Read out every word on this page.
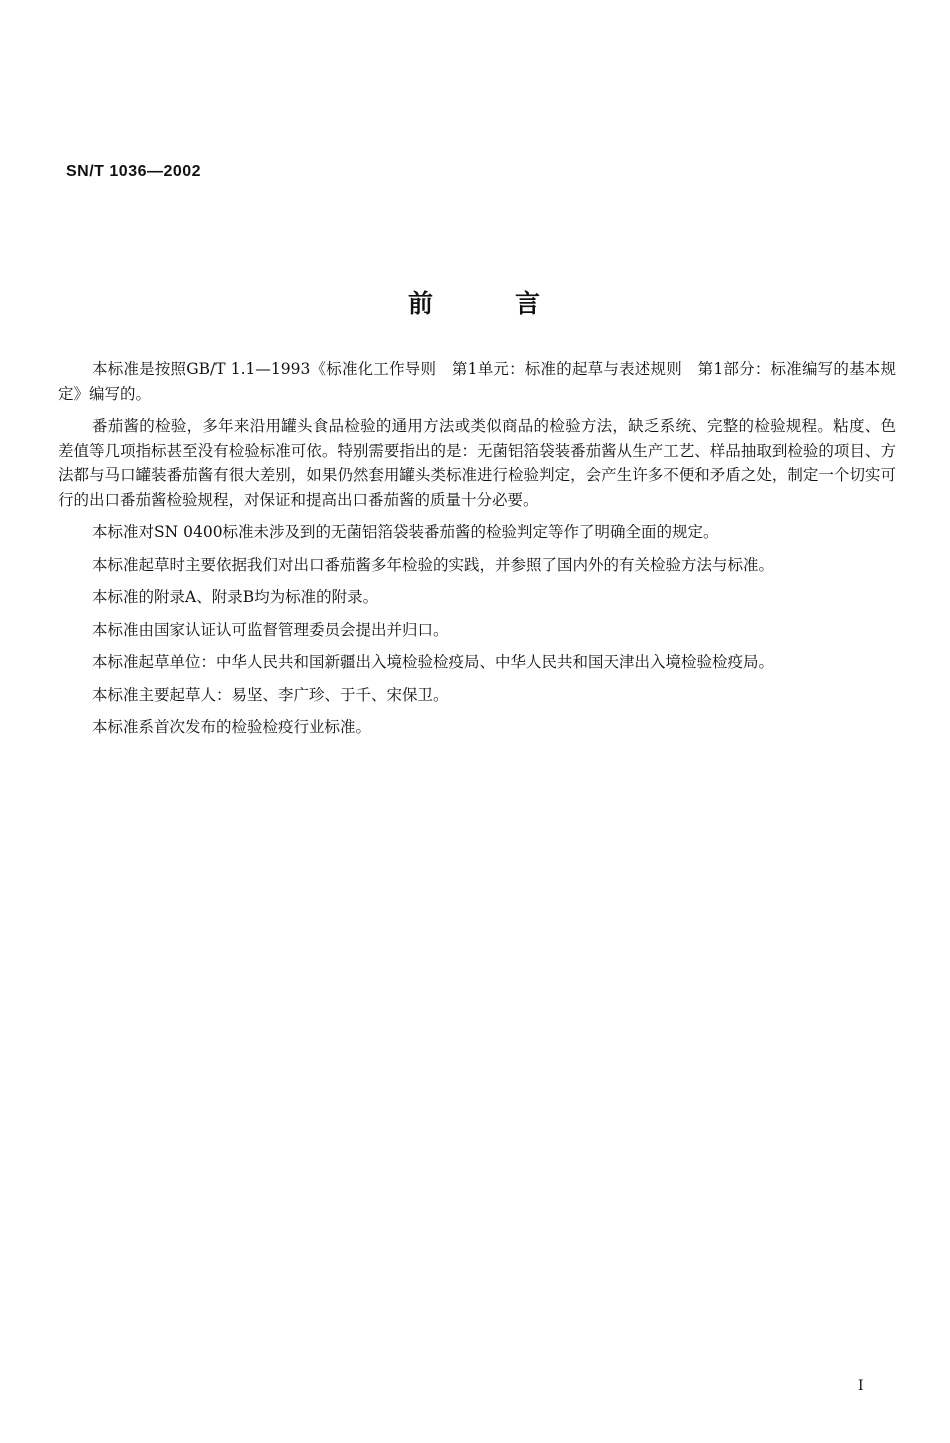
SN/T 1036—2002
前	言

本标准是按照GB/T 1.1—1993《标准化工作导则　第1单元：标准的起草与表述规则　第1部分：标准编写的基本规定》编写的。

番茄酱的检验，多年来沿用罐头食品检验的通用方法或类似商品的检验方法，缺乏系统、完整的检验规程。粘度、色差值等几项指标甚至没有检验标准可依。特别需要指出的是：无菌铝箔袋装番茄酱从生产工艺、样品抽取到检验的项目、方法都与马口罐装番茄酱有很大差别，如果仍然套用罐头类标准进行检验判定，会产生许多不便和矛盾之处，制定一个切实可行的出口番茄酱检验规程，对保证和提高出口番茄酱的质量十分必要。

本标准对SN 0400标准未涉及到的无菌铝箔袋装番茄酱的检验判定等作了明确全面的规定。

本标准起草时主要依据我们对出口番茄酱多年检验的实践，并参照了国内外的有关检验方法与标准。

本标准的附录A、附录B均为标准的附录。

本标准由国家认证认可监督管理委员会提出并归口。

本标准起草单位：中华人民共和国新疆出入境检验检疫局、中华人民共和国天津出入境检验检疫局。

本标准主要起草人：易坚、李广珍、于千、宋保卫。

本标准系首次发布的检验检疫行业标准。

I
